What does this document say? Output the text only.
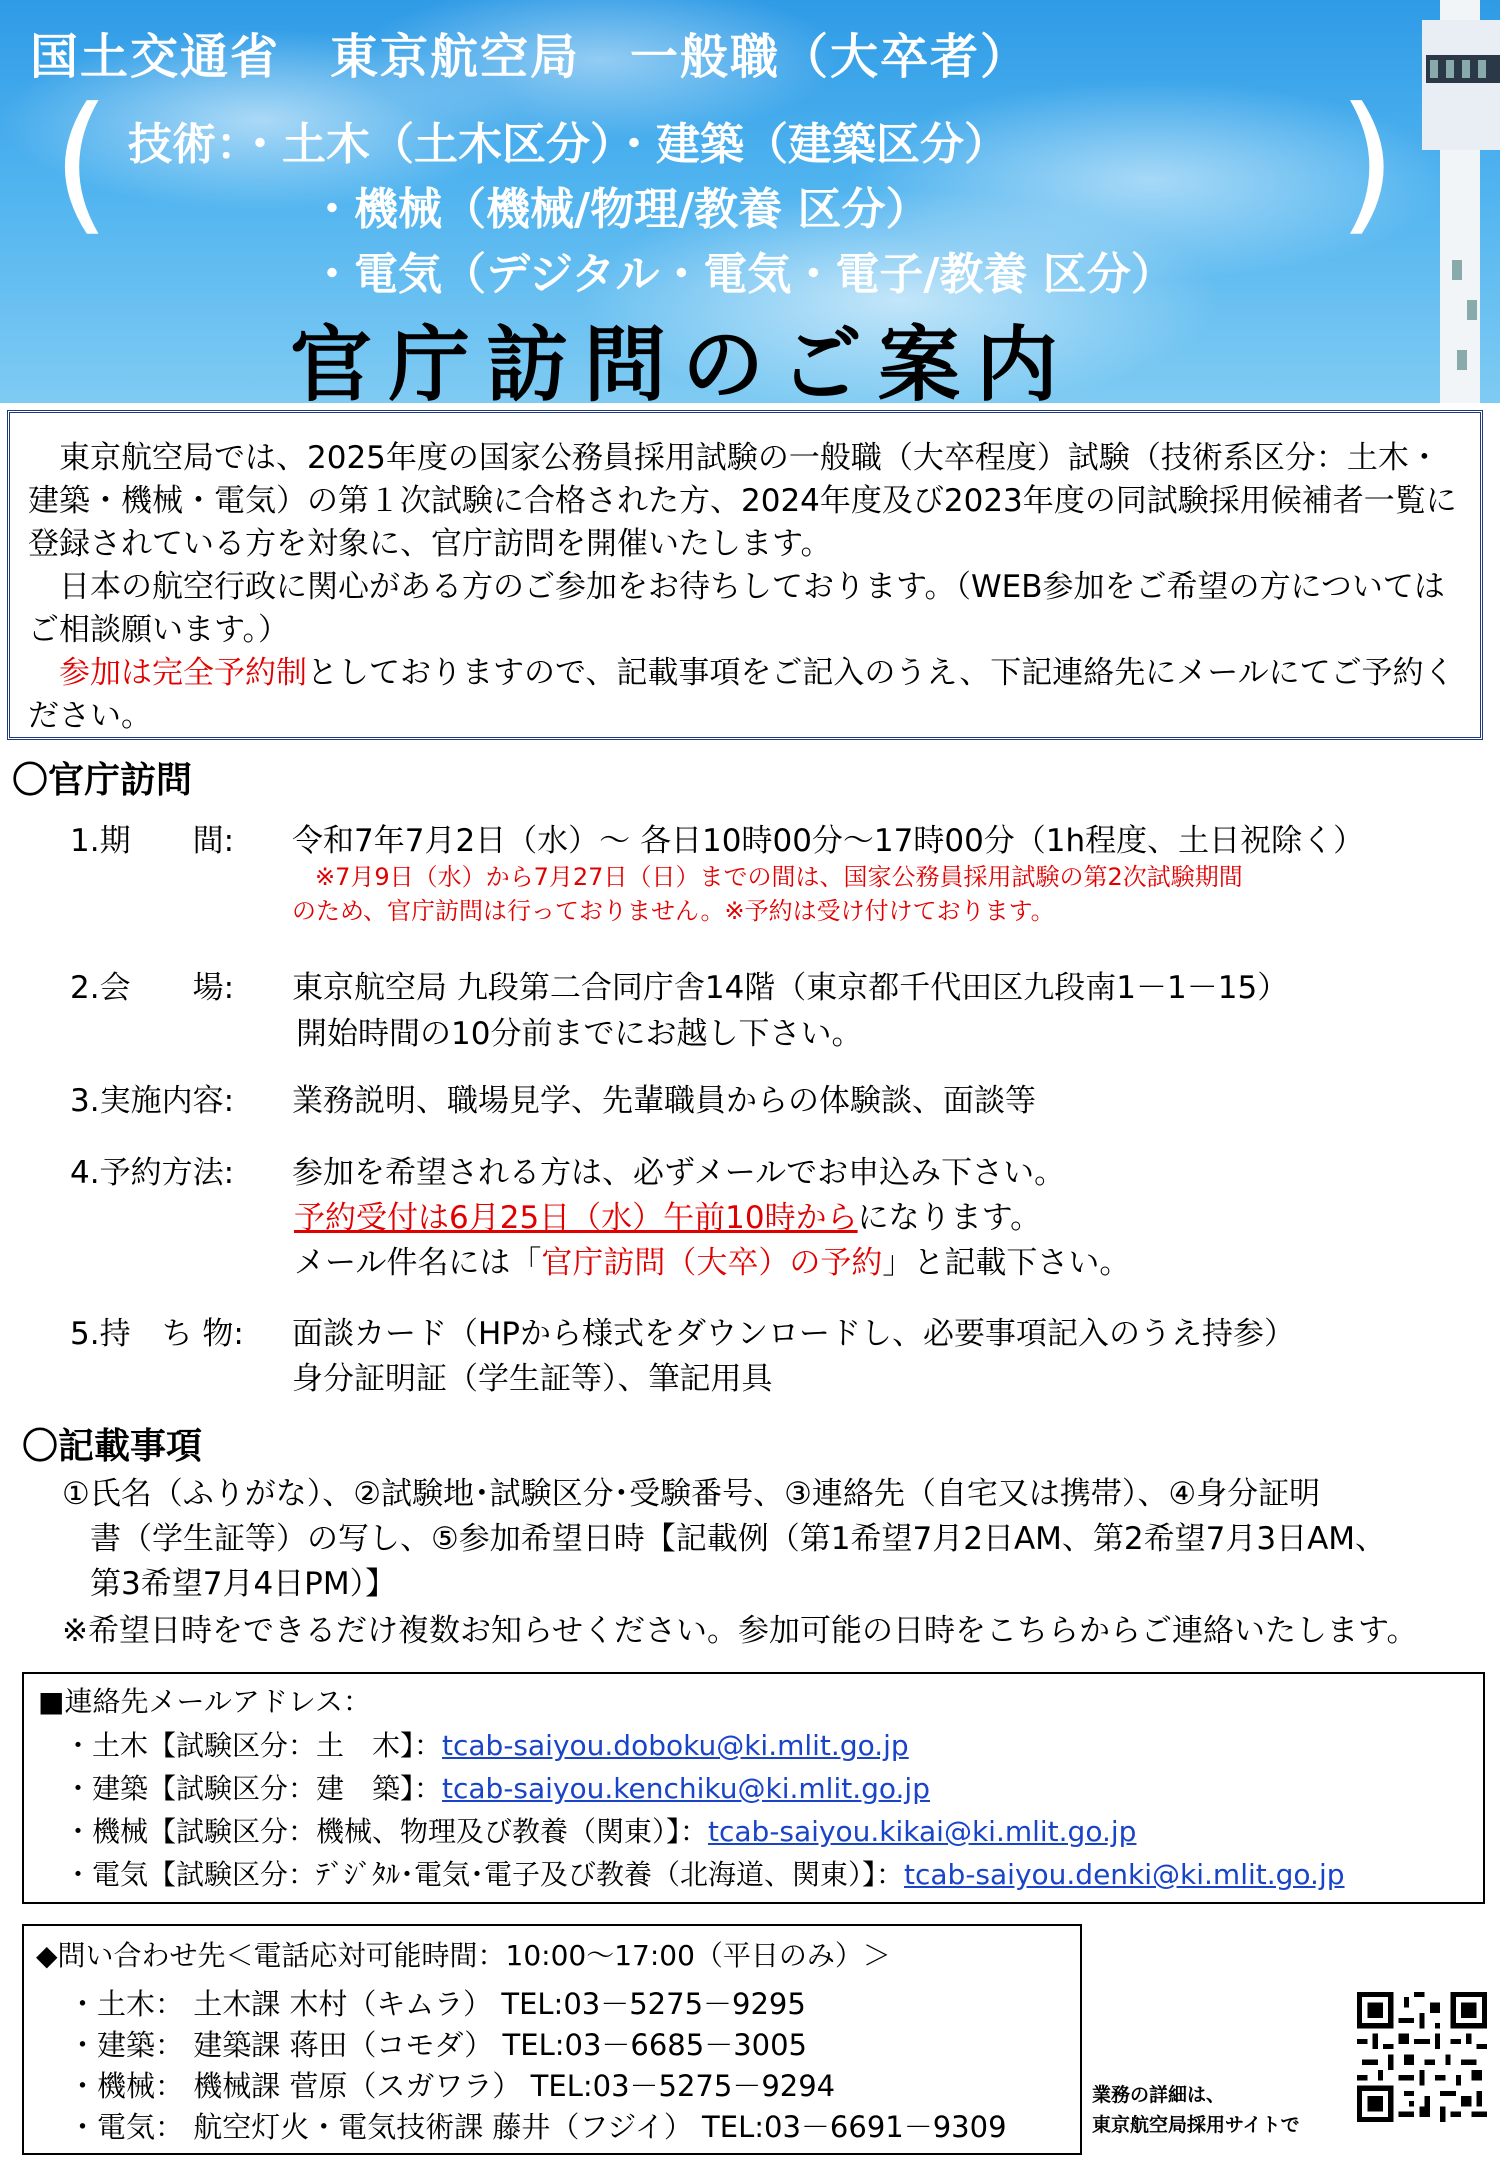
国土交通省　東京航空局　一般職（大卒者）
(	)
技術：・土木（土木区分）・建築（建築区分）
・機械（機械/物理/教養 区分）
・電気（デジタル・電気・電子/教養 区分）
官庁訪問のご案内

　東京航空局では、2025年度の国家公務員採用試験の一般職（大卒程度）試験（技術系区分：土木・建築・機械・電気）の第１次試験に合格された方、2024年度及び2023年度の同試験採用候補者一覧に登録されている方を対象に、官庁訪問を開催いたします。

　日本の航空行政に関心がある方のご参加をお待ちしております。（WEB参加をご希望の方についてはご相談願います。）

　参加は完全予約制としておりますので、記載事項をご記入のうえ、下記連絡先にメールにてご予約ください。

〇官庁訪問
1.期　　間: 令和7年7月2日（水）～ 各日10時00分～17時00分（1h程度、土日祝除く）
※7月9日（水）から7月27日（日）までの間は、国家公務員採用試験の第2次試験期間
のため、官庁訪問は行っておりません。※予約は受け付けております。
2.会　　場: 東京航空局 九段第二合同庁舎14階（東京都千代田区九段南1－1－15）
開始時間の10分前までにお越し下さい。
3.実施内容: 業務説明、職場見学、先輩職員からの体験談、面談等
4.予約方法: 参加を希望される方は、必ずメールでお申込み下さい。
予約受付は6月25日（水）午前10時からになります。
メール件名には「官庁訪問（大卒）の予約」と記載下さい。
5.持　ち 物: 面談カード（HPから様式をダウンロードし、必要事項記入のうえ持参）
身分証明証（学生証等）、筆記用具
〇記載事項
①氏名（ふりがな）、②試験地･試験区分･受験番号、③連絡先（自宅又は携帯）、④身分証明
書（学生証等）の写し、⑤参加希望日時【記載例（第1希望7月2日AM、第2希望7月3日AM、
第3希望7月4日PM）】
※希望日時をできるだけ複数お知らせください。参加可能の日時をこちらからご連絡いたします。
■連絡先メールアドレス：
・土木【試験区分：土　木】：tcab-saiyou.doboku@ki.mlit.go.jp
・建築【試験区分：建　築】：tcab-saiyou.kenchiku@ki.mlit.go.jp
・機械【試験区分：機械、物理及び教養（関東）】：tcab-saiyou.kikai@ki.mlit.go.jp
・電気【試験区分：ﾃﾞｼﾞﾀﾙ･電気･電子及び教養（北海道、関東）】：tcab-saiyou.denki@ki.mlit.go.jp
◆問い合わせ先＜電話応対可能時間：10:00～17:00（平日のみ）＞
・土木： 土木課 木村（キムラ） TEL:03－5275－9295
・建築： 建築課 蒋田（コモダ） TEL:03－6685－3005
・機械： 機械課 菅原（スガワラ） TEL:03－5275－9294
・電気： 航空灯火・電気技術課 藤井（フジイ） TEL:03－6691－9309
業務の詳細は、
東京航空局採用サイトで
